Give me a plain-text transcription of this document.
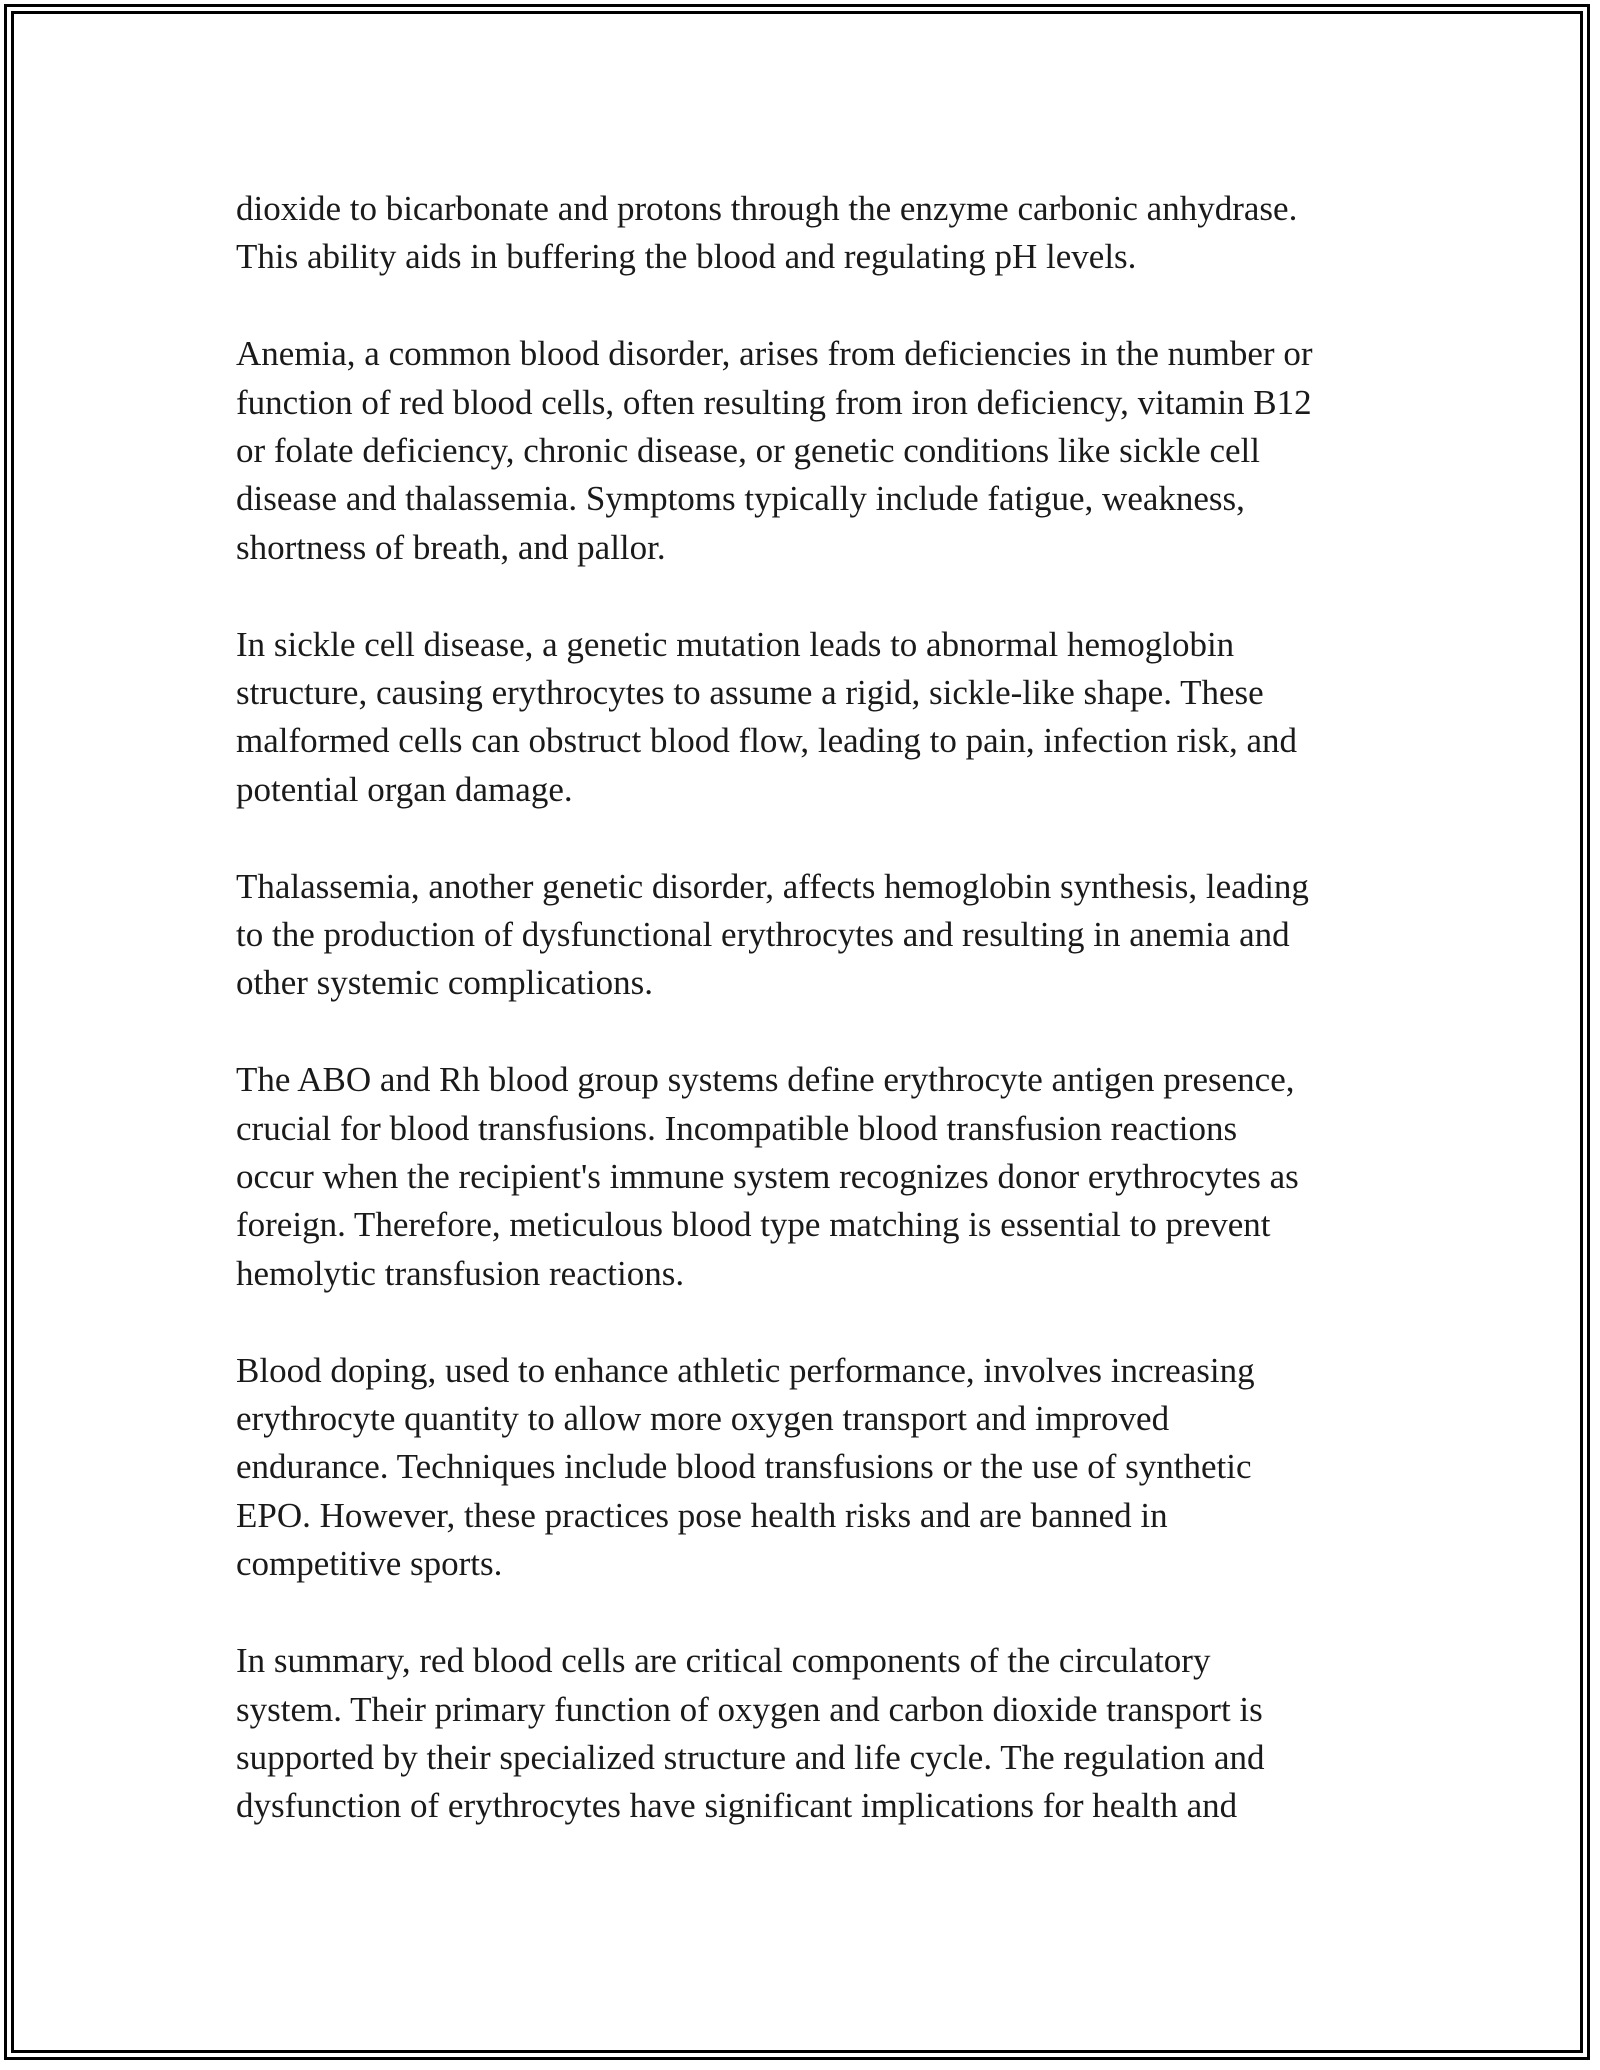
dioxide to bicarbonate and protons through the enzyme carbonic anhydrase.
This ability aids in buffering the blood and regulating pH levels.

Anemia, a common blood disorder, arises from deficiencies in the number or
function of red blood cells, often resulting from iron deficiency, vitamin B12
or folate deficiency, chronic disease, or genetic conditions like sickle cell
disease and thalassemia. Symptoms typically include fatigue, weakness,
shortness of breath, and pallor.

In sickle cell disease, a genetic mutation leads to abnormal hemoglobin
structure, causing erythrocytes to assume a rigid, sickle-like shape. These
malformed cells can obstruct blood flow, leading to pain, infection risk, and
potential organ damage.

Thalassemia, another genetic disorder, affects hemoglobin synthesis, leading
to the production of dysfunctional erythrocytes and resulting in anemia and
other systemic complications.

The ABO and Rh blood group systems define erythrocyte antigen presence,
crucial for blood transfusions. Incompatible blood transfusion reactions
occur when the recipient's immune system recognizes donor erythrocytes as
foreign. Therefore, meticulous blood type matching is essential to prevent
hemolytic transfusion reactions.

Blood doping, used to enhance athletic performance, involves increasing
erythrocyte quantity to allow more oxygen transport and improved
endurance. Techniques include blood transfusions or the use of synthetic
EPO. However, these practices pose health risks and are banned in
competitive sports.

In summary, red blood cells are critical components of the circulatory
system. Their primary function of oxygen and carbon dioxide transport is
supported by their specialized structure and life cycle. The regulation and
dysfunction of erythrocytes have significant implications for health and
